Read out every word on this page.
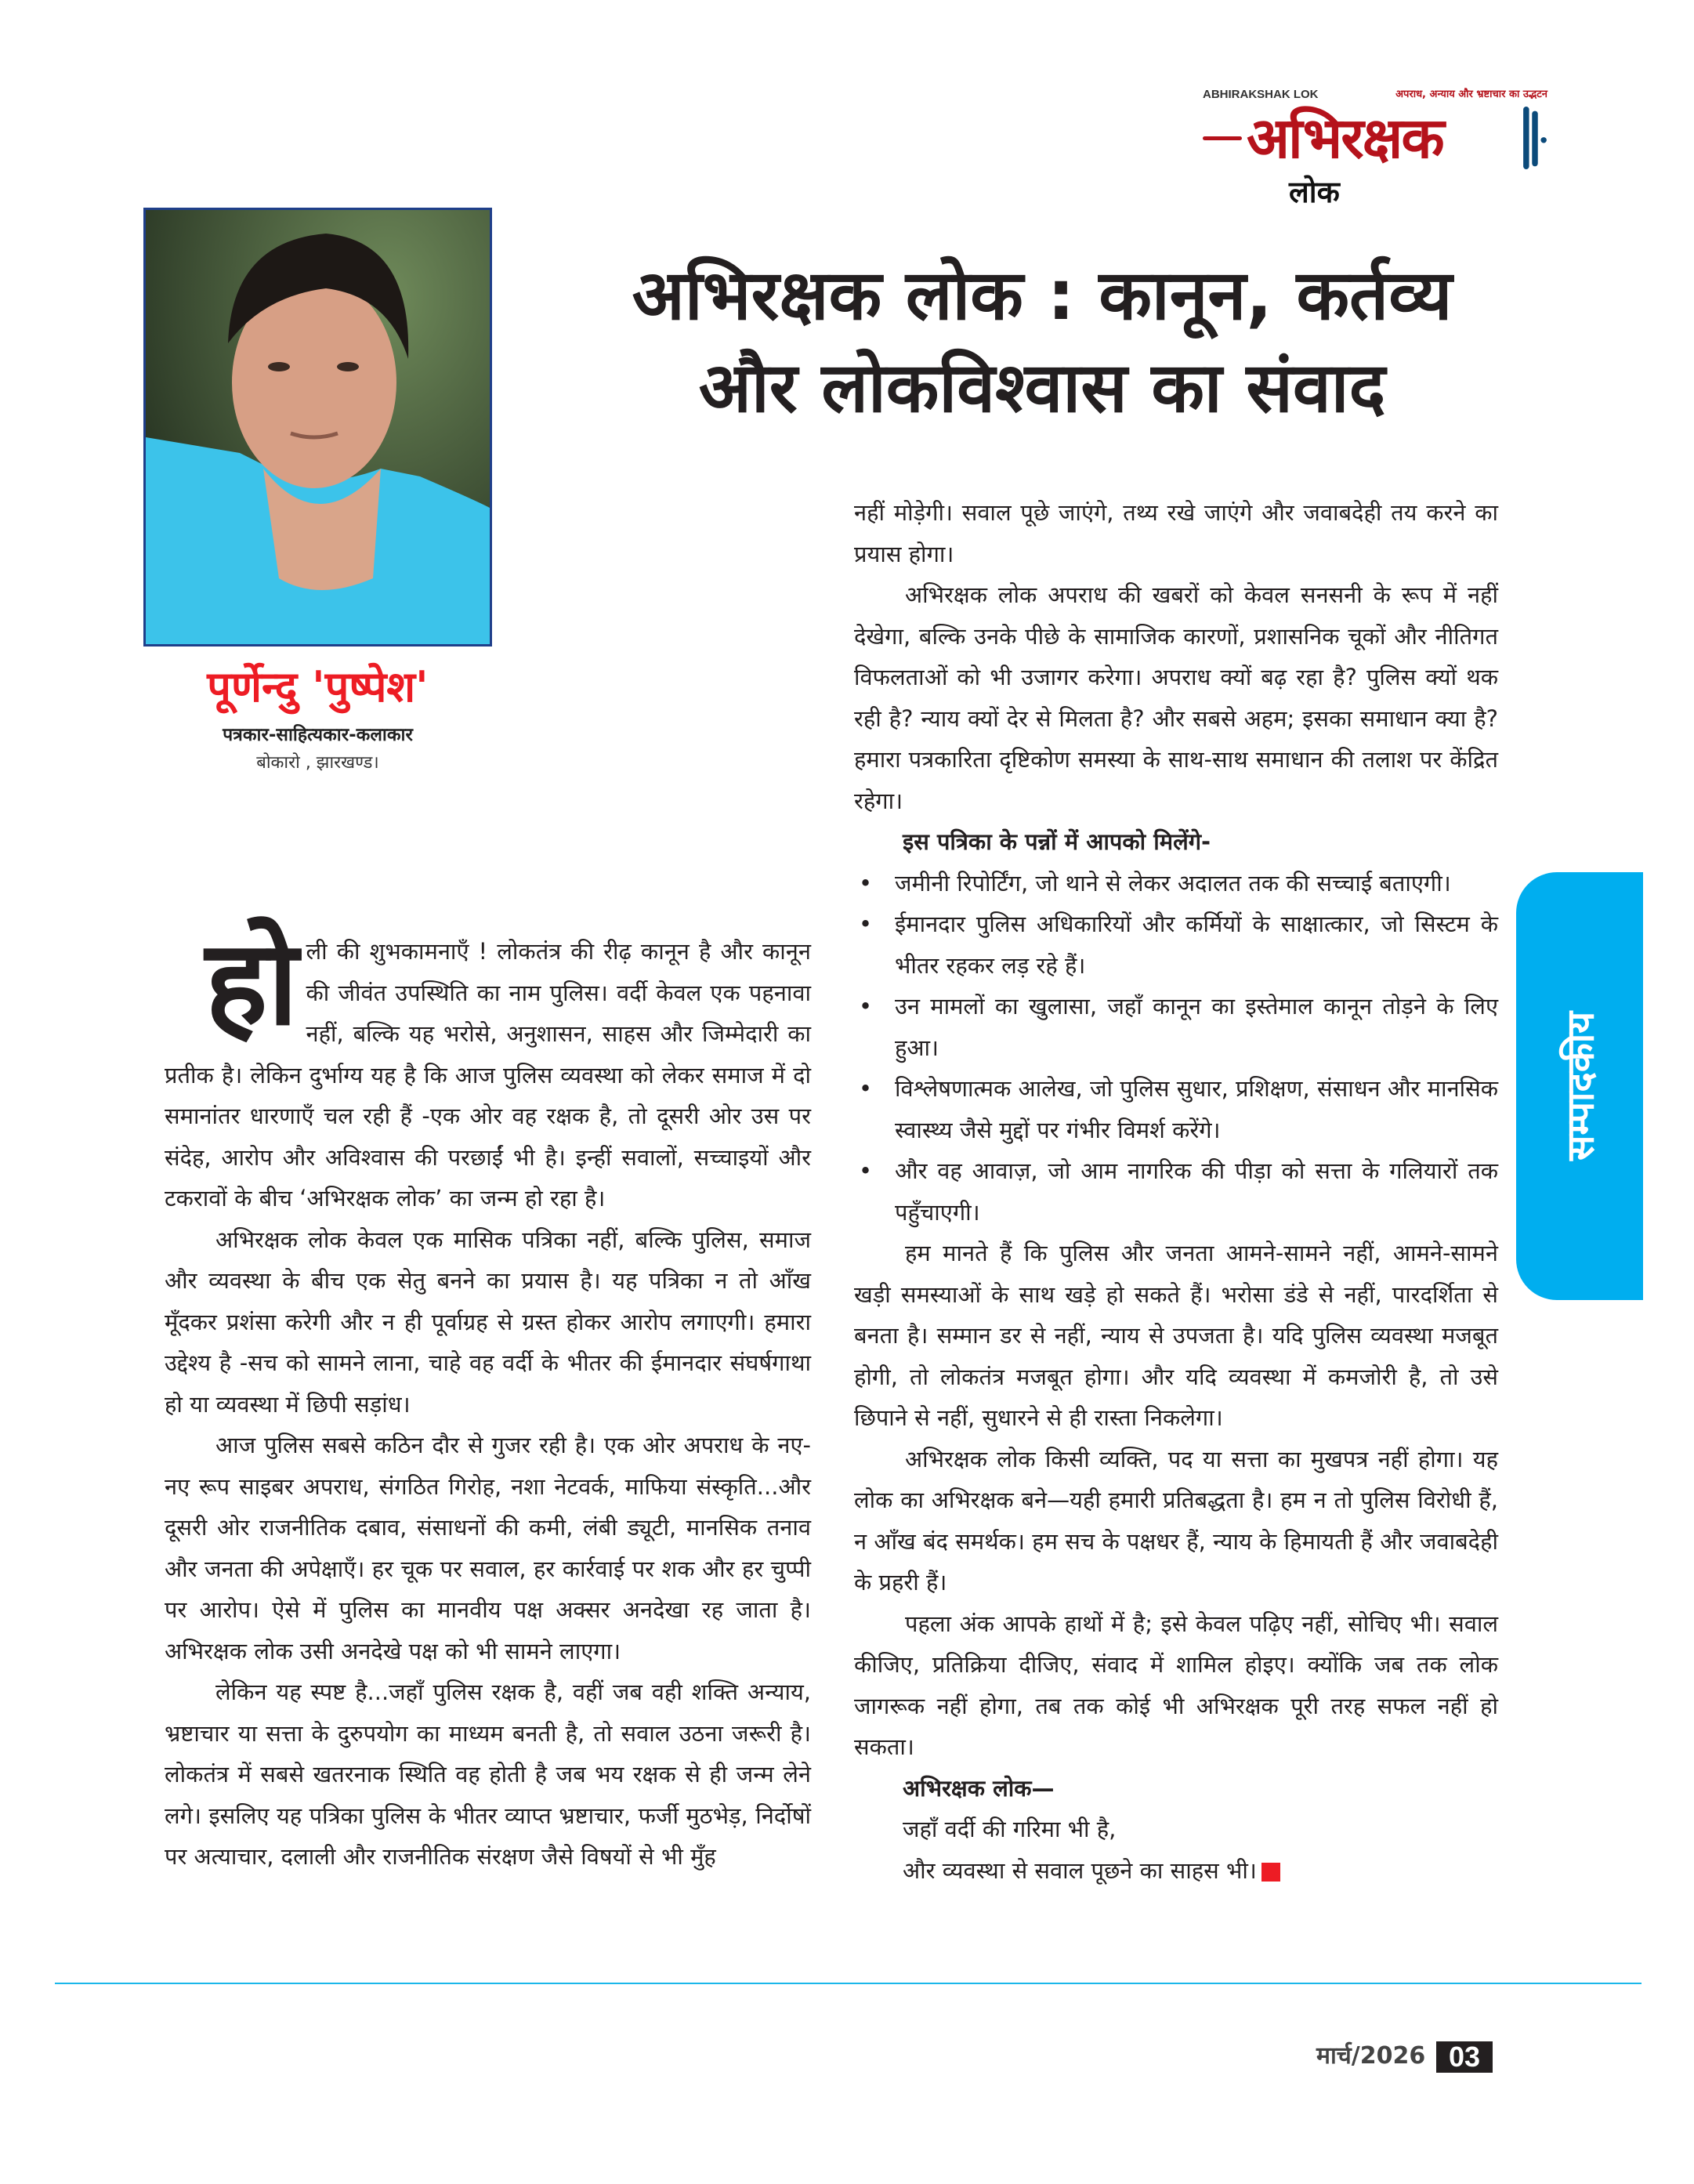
ABHIRAKSHAK LOK	अपराध, अन्याय और भ्रष्टाचार का उद्भटन
अभिरक्षक
लोक
पूर्णेन्दु 'पुष्पेश'
पत्रकार-साहित्यकार-कलाकार
बोकारो , झारखण्ड।
अभिरक्षक लोक : कानून, कर्तव्य
और लोकविश्वास का संवाद

होली की शुभकामनाएँ ! लोकतंत्र की रीढ़ कानून है और कानून की जीवंत उपस्थिति का नाम पुलिस। वर्दी केवल एक पहनावा नहीं, बल्कि यह भरोसे, अनुशासन, साहस और जिम्मेदारी का प्रतीक है। लेकिन दुर्भाग्य यह है कि आज पुलिस व्यवस्था को लेकर समाज में दो समानांतर धारणाएँ चल रही हैं -एक ओर वह रक्षक है, तो दूसरी ओर उस पर संदेह, आरोप और अविश्वास की परछाईं भी है। इन्हीं सवालों, सच्चाइयों और टकरावों के बीच ‘अभिरक्षक लोक’ का जन्म हो रहा है।

अभिरक्षक लोक केवल एक मासिक पत्रिका नहीं, बल्कि पुलिस, समाज और व्यवस्था के बीच एक सेतु बनने का प्रयास है। यह पत्रिका न तो आँख मूँदकर प्रशंसा करेगी और न ही पूर्वाग्रह से ग्रस्त होकर आरोप लगाएगी। हमारा उद्देश्य है -सच को सामने लाना, चाहे वह वर्दी के भीतर की ईमानदार संघर्षगाथा हो या व्यवस्था में छिपी सड़ांध।

आज पुलिस सबसे कठिन दौर से गुजर रही है। एक ओर अपराध के नए-नए रूप साइबर अपराध, संगठित गिरोह, नशा नेटवर्क, माफिया संस्कृति...और दूसरी ओर राजनीतिक दबाव, संसाधनों की कमी, लंबी ड्यूटी, मानसिक तनाव और जनता की अपेक्षाएँ। हर चूक पर सवाल, हर कार्रवाई पर शक और हर चुप्पी पर आरोप। ऐसे में पुलिस का मानवीय पक्ष अक्सर अनदेखा रह जाता है। अभिरक्षक लोक उसी अनदेखे पक्ष को भी सामने लाएगा।

लेकिन यह स्पष्ट है...जहाँ पुलिस रक्षक है, वहीं जब वही शक्ति अन्याय, भ्रष्टाचार या सत्ता के दुरुपयोग का माध्यम बनती है, तो सवाल उठना जरूरी है। लोकतंत्र में सबसे खतरनाक स्थिति वह होती है जब भय रक्षक से ही जन्म लेने लगे। इसलिए यह पत्रिका पुलिस के भीतर व्याप्त भ्रष्टाचार, फर्जी मुठभेड़, निर्दोषों पर अत्याचार, दलाली और राजनीतिक संरक्षण जैसे विषयों से भी मुँह

नहीं मोड़ेगी। सवाल पूछे जाएंगे, तथ्य रखे जाएंगे और जवाबदेही तय करने का प्रयास होगा।

अभिरक्षक लोक अपराध की खबरों को केवल सनसनी के रूप में नहीं देखेगा, बल्कि उनके पीछे के सामाजिक कारणों, प्रशासनिक चूकों और नीतिगत विफलताओं को भी उजागर करेगा। अपराध क्यों बढ़ रहा है? पुलिस क्यों थक रही है? न्याय क्यों देर से मिलता है? और सबसे अहम; इसका समाधान क्या है? हमारा पत्रकारिता दृष्टिकोण समस्या के साथ-साथ समाधान की तलाश पर केंद्रित रहेगा।

इस पत्रिका के पन्नों में आपको मिलेंगे-

• जमीनी रिपोर्टिंग, जो थाने से लेकर अदालत तक की सच्चाई बताएगी।
• ईमानदार पुलिस अधिकारियों और कर्मियों के साक्षात्कार, जो सिस्टम के भीतर रहकर लड़ रहे हैं।
• उन मामलों का खुलासा, जहाँ कानून का इस्तेमाल कानून तोड़ने के लिए हुआ।
• विश्लेषणात्मक आलेख, जो पुलिस सुधार, प्रशिक्षण, संसाधन और मानसिक स्वास्थ्य जैसे मुद्दों पर गंभीर विमर्श करेंगे।
• और वह आवाज़, जो आम नागरिक की पीड़ा को सत्ता के गलियारों तक पहुँचाएगी।

हम मानते हैं कि पुलिस और जनता आमने-सामने नहीं, आमने-सामने खड़ी समस्याओं के साथ खड़े हो सकते हैं। भरोसा डंडे से नहीं, पारदर्शिता से बनता है। सम्मान डर से नहीं, न्याय से उपजता है। यदि पुलिस व्यवस्था मजबूत होगी, तो लोकतंत्र मजबूत होगा। और यदि व्यवस्था में कमजोरी है, तो उसे छिपाने से नहीं, सुधारने से ही रास्ता निकलेगा।

अभिरक्षक लोक किसी व्यक्ति, पद या सत्ता का मुखपत्र नहीं होगा। यह लोक का अभिरक्षक बने—यही हमारी प्रतिबद्धता है। हम न तो पुलिस विरोधी हैं, न आँख बंद समर्थक। हम सच के पक्षधर हैं, न्याय के हिमायती हैं और जवाबदेही के प्रहरी हैं।

पहला अंक आपके हाथों में है; इसे केवल पढ़िए नहीं, सोचिए भी। सवाल कीजिए, प्रतिक्रिया दीजिए, संवाद में शामिल होइए। क्योंकि जब तक लोक जागरूक नहीं होगा, तब तक कोई भी अभिरक्षक पूरी तरह सफल नहीं हो सकता।

अभिरक्षक लोक—

जहाँ वर्दी की गरिमा भी है,

और व्यवस्था से सवाल पूछने का साहस भी।

सम्पादकीय
मार्च/2026 03
